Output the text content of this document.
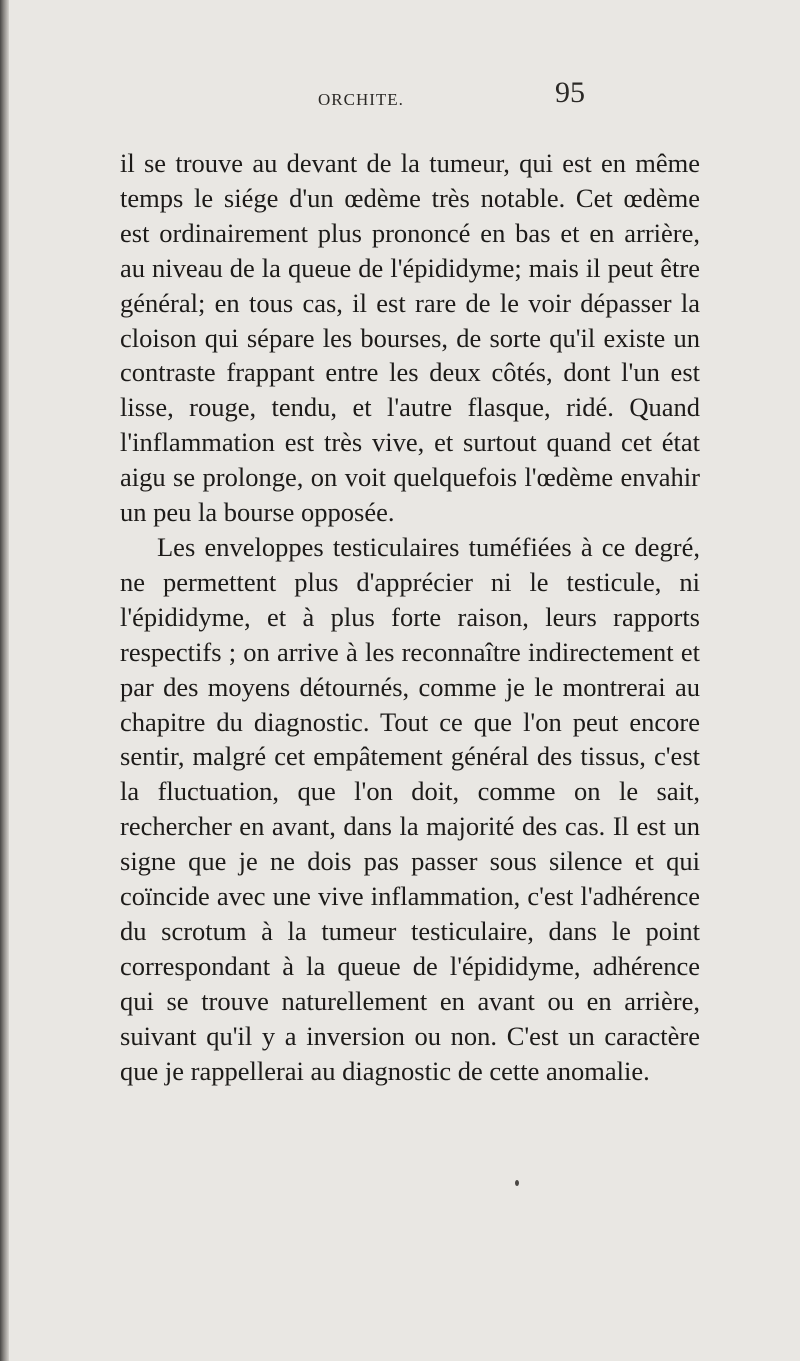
ORCHITE.	95

il se trouve au devant de la tumeur, qui est en même temps le siége d'un œdème très notable. Cet œdème est ordinairement plus prononcé en bas et en arrière, au niveau de la queue de l'épididyme; mais il peut être général; en tous cas, il est rare de le voir dépasser la cloison qui sépare les bourses, de sorte qu'il existe un contraste frappant entre les deux côtés, dont l'un est lisse, rouge, tendu, et l'autre flasque, ridé. Quand l'inflammation est très vive, et surtout quand cet état aigu se prolonge, on voit quelquefois l'œdème envahir un peu la bourse opposée.

Les enveloppes testiculaires tuméfiées à ce degré, ne permettent plus d'apprécier ni le testicule, ni l'épididyme, et à plus forte raison, leurs rapports respectifs ; on arrive à les reconnaître indirectement et par des moyens détournés, comme je le montrerai au chapitre du diagnostic. Tout ce que l'on peut encore sentir, malgré cet empâtement général des tissus, c'est la fluctuation, que l'on doit, comme on le sait, rechercher en avant, dans la majorité des cas. Il est un signe que je ne dois pas passer sous silence et qui coïncide avec une vive inflammation, c'est l'adhérence du scrotum à la tumeur testiculaire, dans le point correspondant à la queue de l'épididyme, adhérence qui se trouve naturellement en avant ou en arrière, suivant qu'il y a inversion ou non. C'est un caractère que je rappellerai au diagnostic de cette anomalie.
